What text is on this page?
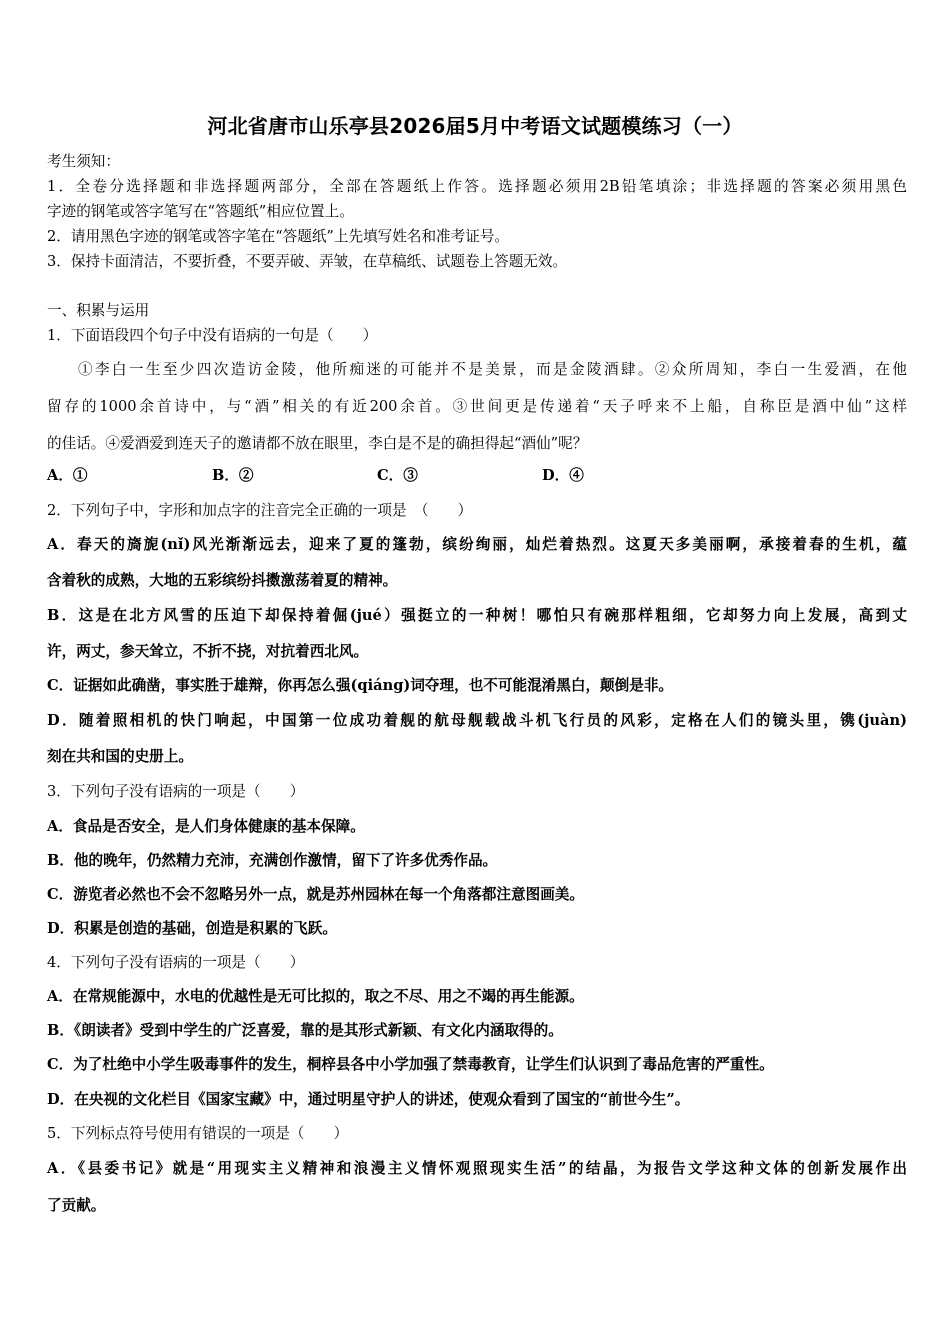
河北省唐市山乐亭县2026届5月中考语文试题模练习（一）
考生须知：
1．全卷分选择题和非选择题两部分，全部在答题纸上作答。选择题必须用2B铅笔填涂；非选择题的答案必须用黑色
字迹的钢笔或答字笔写在“答题纸”相应位置上。
2．请用黑色字迹的钢笔或答字笔在“答题纸”上先填写姓名和准考证号。
3．保持卡面清洁，不要折叠，不要弄破、弄皱，在草稿纸、试题卷上答题无效。
一、积累与运用
1．下面语段四个句子中没有语病的一句是（　　）
①李白一生至少四次造访金陵，他所痴迷的可能并不是美景，而是金陵酒肆。②众所周知，李白一生爱酒，在他
留存的1000余首诗中，与“酒”相关的有近200余首。③世间更是传递着“天子呼来不上船，自称臣是酒中仙”这样
的佳话。④爱酒爱到连天子的邀请都不放在眼里，李白是不是的确担得起“酒仙”呢？
A．①	B．②	C．③	D．④
2．下列句子中，字形和加点字的注音完全正确的一项是　（　　）
A．春天的旖旎(nǐ)风光渐渐远去，迎来了夏的篷勃，缤纷绚丽，灿烂着热烈。这夏天多美丽啊，承接着春的生机，蕴
含着秋的成熟，大地的五彩缤纷抖擞激荡着夏的精神。
B．这是在北方风雪的压迫下却保持着倔(jué）强挺立的一种树！哪怕只有碗那样粗细，它却努力向上发展，高到丈
许，两丈，参天耸立，不折不挠，对抗着西北风。
C．证据如此确凿，事实胜于雄辩，你再怎么强(qiáng)词夺理，也不可能混淆黑白，颠倒是非。
D．随着照相机的快门响起，中国第一位成功着舰的航母舰载战斗机飞行员的风彩，定格在人们的镜头里，镌(juàn)
刻在共和国的史册上。
3．下列句子没有语病的一项是（　　）
A．食品是否安全，是人们身体健康的基本保障。
B．他的晚年，仍然精力充沛，充满创作激情，留下了许多优秀作品。
C．游览者必然也不会不忽略另外一点，就是苏州园林在每一个角落都注意图画美。
D．积累是创造的基础，创造是积累的飞跃。
4．下列句子没有语病的一项是（　　）
A．在常规能源中，水电的优越性是无可比拟的，取之不尽、用之不竭的再生能源。
B．《朗读者》受到中学生的广泛喜爱，靠的是其形式新颖、有文化内涵取得的。
C．为了杜绝中小学生吸毒事件的发生，桐梓县各中小学加强了禁毒教育，让学生们认识到了毒品危害的严重性。
D．在央视的文化栏目《国家宝藏》中，通过明星守护人的讲述，使观众看到了国宝的“前世今生”。
5．下列标点符号使用有错误的一项是（　　）
A．《县委书记》就是“用现实主义精神和浪漫主义情怀观照现实生活”的结晶，为报告文学这种文体的创新发展作出
了贡献。
